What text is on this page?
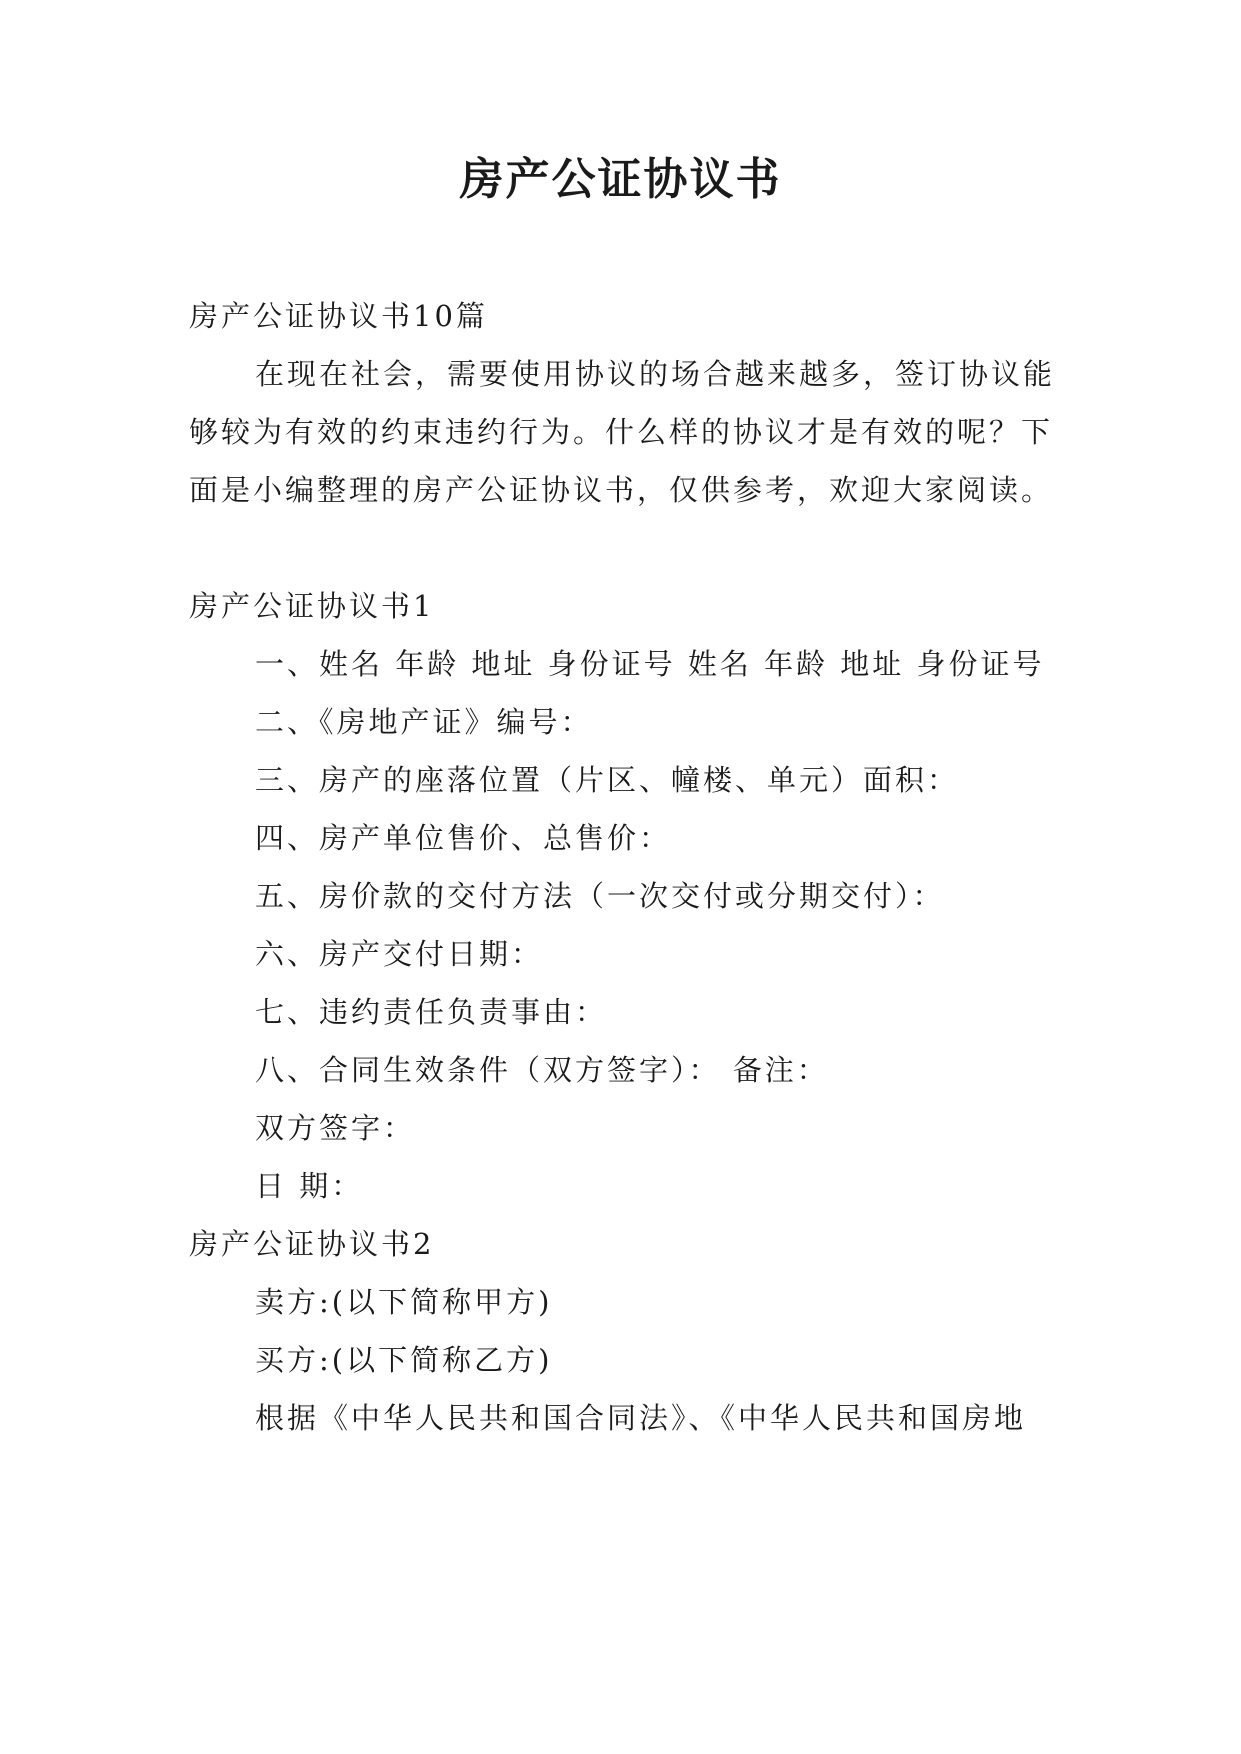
房产公证协议书

房产公证协议书10篇

在现在社会，需要使用协议的场合越来越多，签订协议能够较为有效的约束违约行为。什么样的协议才是有效的呢？下面是小编整理的房产公证协议书，仅供参考，欢迎大家阅读。

房产公证协议书1

一、姓名 年龄 地址 身份证号 姓名 年龄 地址 身份证号

二、《房地产证》编号：

三、房产的座落位置（片区、幢楼、单元）面积：

四、房产单位售价、总售价：

五、房价款的交付方法（一次交付或分期交付）：

六、房产交付日期：

七、违约责任负责事由：

八、合同生效条件（双方签字）： 备注：

双方签字：

日 期：

房产公证协议书2

卖方:(以下简称甲方)

买方:(以下简称乙方)

根据《中华人民共和国合同法》、《中华人民共和国房地
